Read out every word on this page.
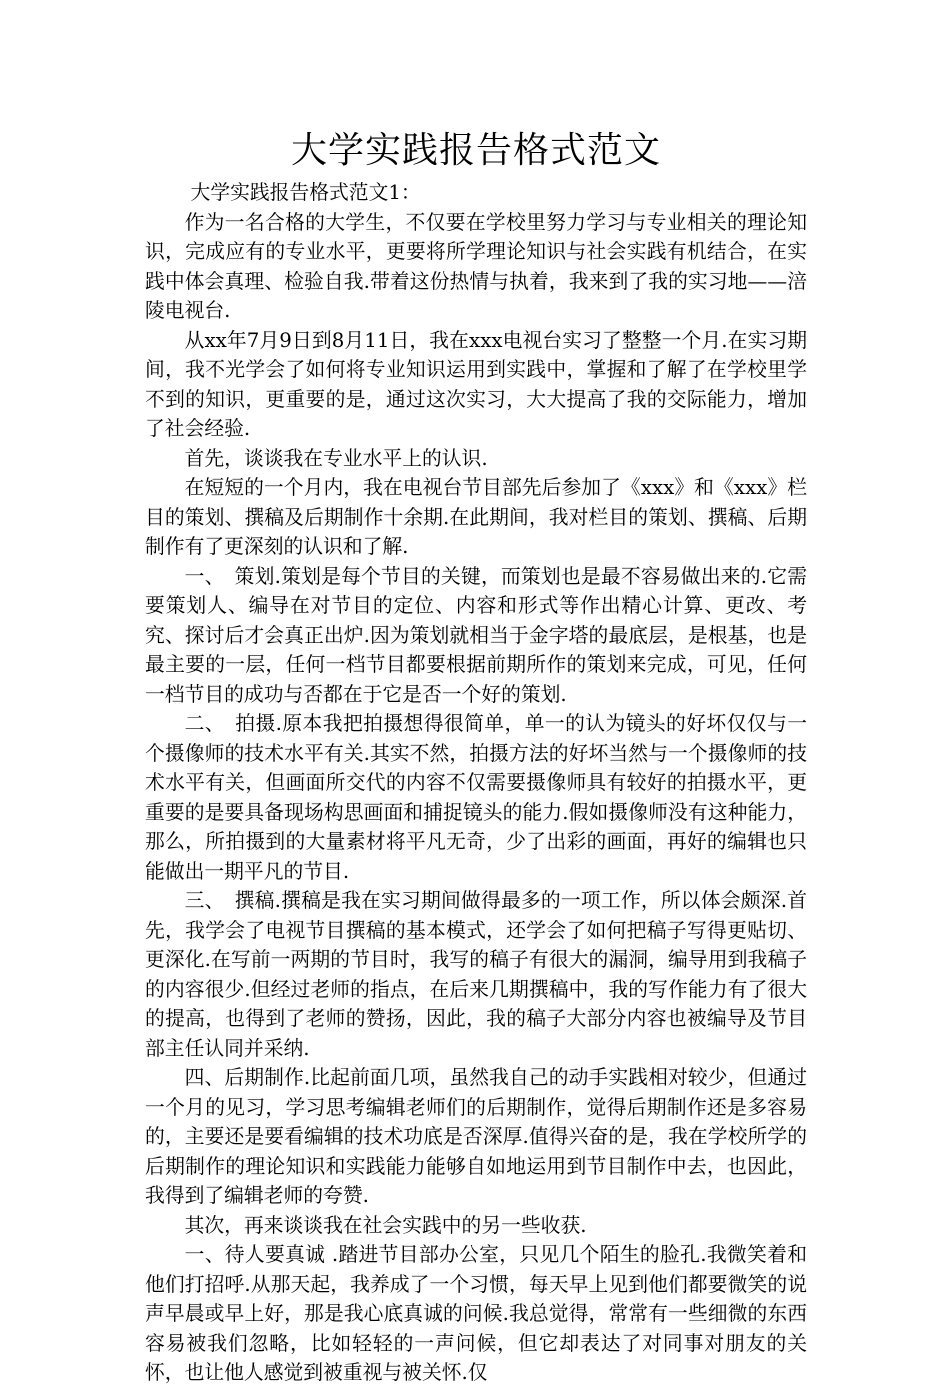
大学实践报告格式范文

大学实践报告格式范文1：

作为一名合格的大学生，不仅要在学校里努力学习与专业相关的理论知识，完成应有的专业水平，更要将所学理论知识与社会实践有机结合，在实践中体会真理、检验自我.带着这份热情与执着，我来到了我的实习地——涪陵电视台.

从xx年7月9日到8月11日，我在xxx电视台实习了整整一个月.在实习期间，我不光学会了如何将专业知识运用到实践中，掌握和了解了在学校里学不到的知识，更重要的是，通过这次实习，大大提高了我的交际能力，增加了社会经验.

首先，谈谈我在专业水平上的认识.

在短短的一个月内，我在电视台节目部先后参加了《xxx》和《xxx》栏目的策划、撰稿及后期制作十余期.在此期间，我对栏目的策划、撰稿、后期制作有了更深刻的认识和了解.

一、　策划.策划是每个节目的关键，而策划也是最不容易做出来的.它需要策划人、编导在对节目的定位、内容和形式等作出精心计算、更改、考究、探讨后才会真正出炉.因为策划就相当于金字塔的最底层，是根基，也是最主要的一层，任何一档节目都要根据前期所作的策划来完成，可见，任何一档节目的成功与否都在于它是否一个好的策划.

二、　拍摄.原本我把拍摄想得很简单，单一的认为镜头的好坏仅仅与一个摄像师的技术水平有关.其实不然，拍摄方法的好坏当然与一个摄像师的技术水平有关，但画面所交代的内容不仅需要摄像师具有较好的拍摄水平，更重要的是要具备现场构思画面和捕捉镜头的能力.假如摄像师没有这种能力，那么，所拍摄到的大量素材将平凡无奇，少了出彩的画面，再好的编辑也只能做出一期平凡的节目.

三、　撰稿.撰稿是我在实习期间做得最多的一项工作，所以体会颇深.首先，我学会了电视节目撰稿的基本模式，还学会了如何把稿子写得更贴切、更深化.在写前一两期的节目时，我写的稿子有很大的漏洞，编导用到我稿子的内容很少.但经过老师的指点，在后来几期撰稿中，我的写作能力有了很大的提高，也得到了老师的赞扬，因此，我的稿子大部分内容也被编导及节目部主任认同并采纳.

四、后期制作.比起前面几项，虽然我自己的动手实践相对较少，但通过一个月的见习，学习思考编辑老师们的后期制作，觉得后期制作还是多容易的，主要还是要看编辑的技术功底是否深厚.值得兴奋的是，我在学校所学的后期制作的理论知识和实践能力能够自如地运用到节目制作中去，也因此，我得到了编辑老师的夸赞.

其次，再来谈谈我在社会实践中的另一些收获.

一、待人要真诚 .踏进节目部办公室，只见几个陌生的脸孔.我微笑着和他们打招呼.从那天起，我养成了一个习惯，每天早上见到他们都要微笑的说声早晨或早上好，那是我心底真诚的问候.我总觉得，常常有一些细微的东西容易被我们忽略，比如轻轻的一声问候，但它却表达了对同事对朋友的关怀，也让他人感觉到被重视与被关怀.仅
